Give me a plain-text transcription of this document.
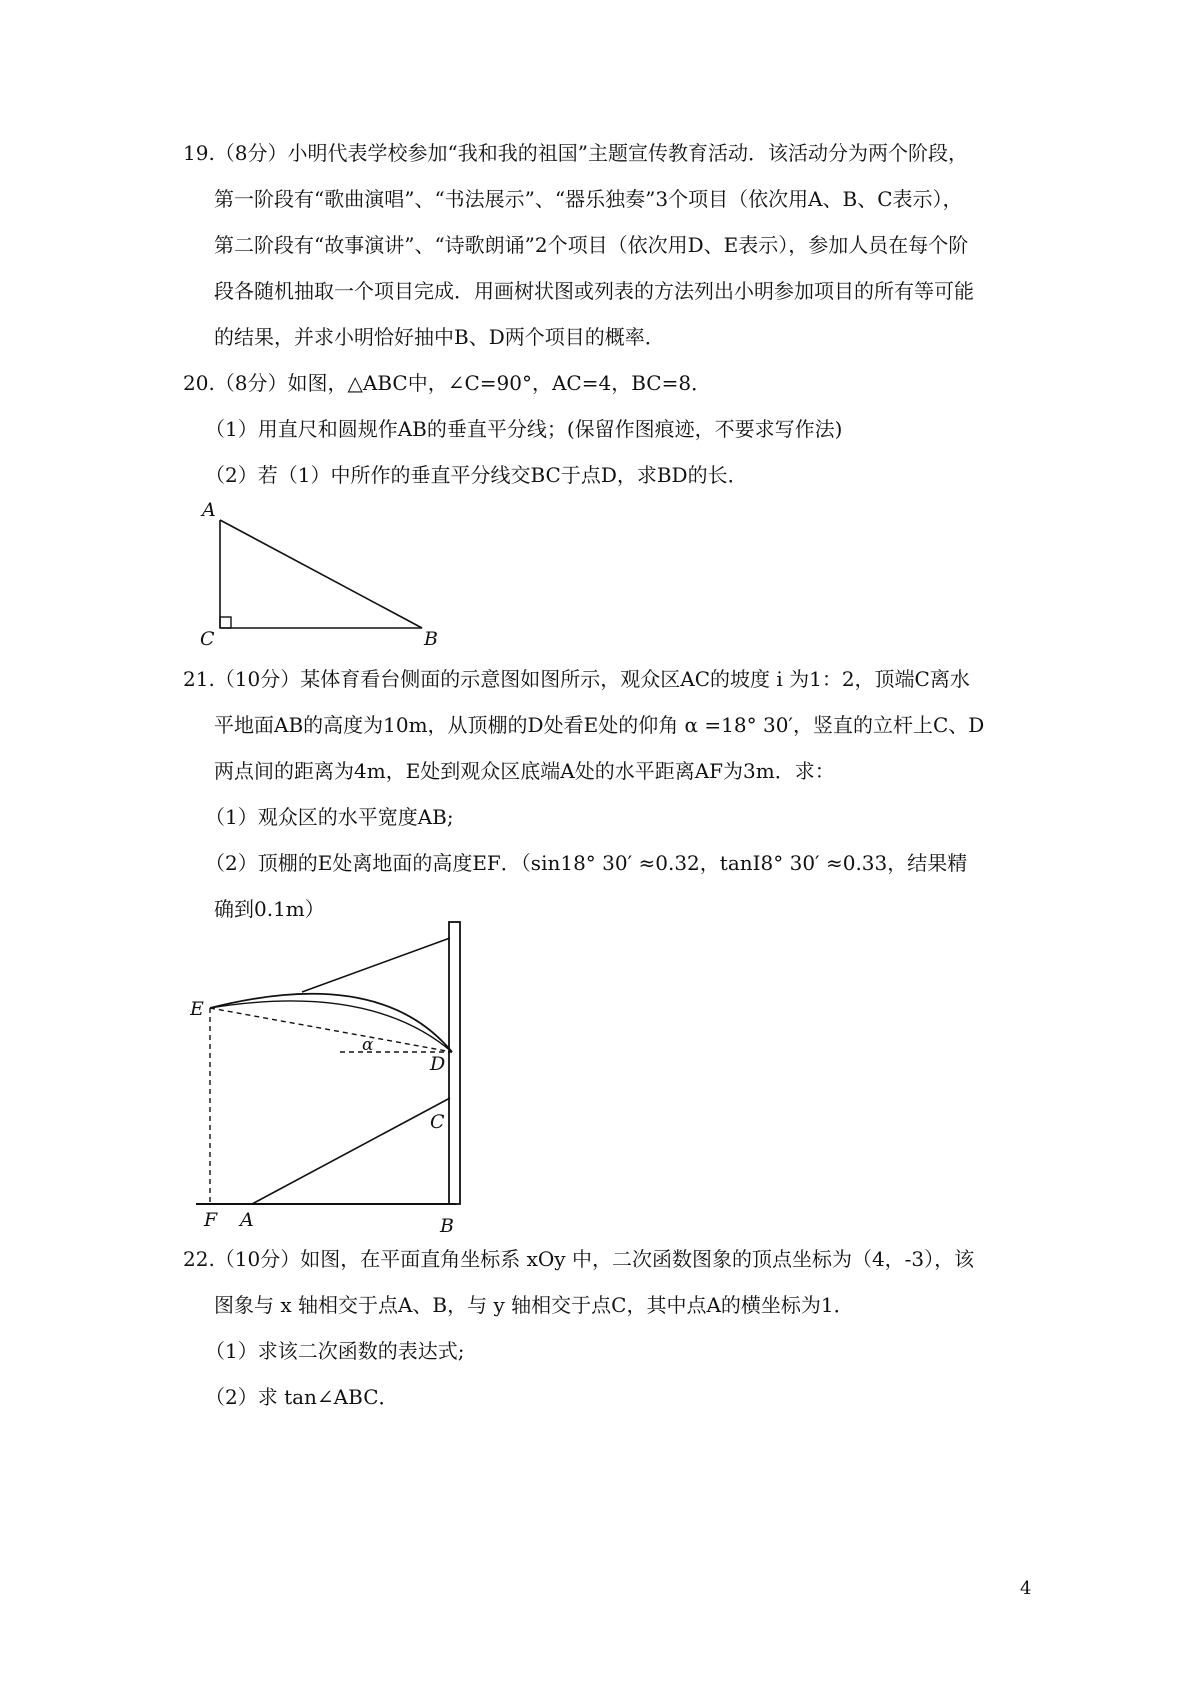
19.（8分）小明代表学校参加“我和我的祖国”主题宣传教育活动．该活动分为两个阶段，
第一阶段有“歌曲演唱”、“书法展示”、“器乐独奏”3个项目（依次用A、B、C表示），
第二阶段有“故事演讲”、“诗歌朗诵”2个项目（依次用D、E表示），参加人员在每个阶
段各随机抽取一个项目完成．用画树状图或列表的方法列出小明参加项目的所有等可能
的结果，并求小明恰好抽中B、D两个项目的概率．
20.（8分）如图，△ABC中，∠C=90°，AC=4，BC=8．
（1）用直尺和圆规作AB的垂直平分线；(保留作图痕迹，不要求写作法)
（2）若（1）中所作的垂直平分线交BC于点D，求BD的长．
A
C	B
21.（10分）某体育看台侧面的示意图如图所示，观众区AC的坡度 i 为1：2，顶端C离水
平地面AB的高度为10m，从顶棚的D处看E处的仰角 α =18° 30′，竖直的立杆上C、D
两点间的距离为4m，E处到观众区底端A处的水平距离AF为3m．求：
（1）观众区的水平宽度AB;
（2）顶棚的E处离地面的高度EF．（sin18° 30′ ≈0.32，tanI8° 30′ ≈0.33，结果精
确到0.1m）
E
D
C
F A	B
α
22.（10分）如图，在平面直角坐标系 xOy 中，二次函数图象的顶点坐标为（4，-3），该
图象与 x 轴相交于点A、B，与 y 轴相交于点C，其中点A的横坐标为1．
（1）求该二次函数的表达式;
（2）求 tan∠ABC．
4
